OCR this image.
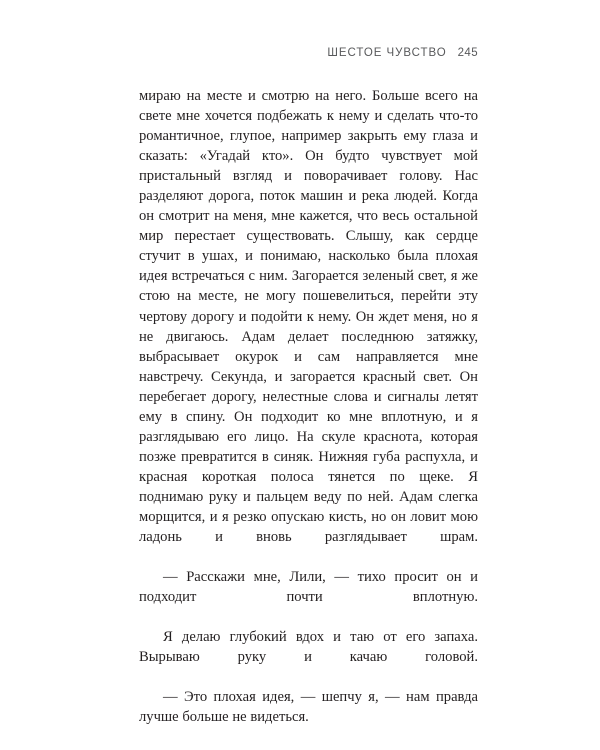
ШЕСТОЕ ЧУВСТВО 245

мираю на месте и смотрю на него. Больше всего на свете мне хочется подбежать к нему и сделать что-то романтичное, глупое, например закрыть ему глаза и сказать: «Угадай кто». Он будто чувствует мой пристальный взгляд и поворачивает голову. Нас разделяют дорога, поток машин и река людей. Когда он смотрит на меня, мне кажется, что весь остальной мир перестает существовать. Слышу, как сердце стучит в ушах, и понимаю, насколько была плохая идея встречаться с ним. Загорается зеленый свет, я же стою на месте, не могу пошевелиться, перейти эту чертову дорогу и подойти к нему. Он ждет меня, но я не двигаюсь. Адам делает последнюю затяжку, выбрасывает окурок и сам направляется мне навстречу. Секунда, и загорается красный свет. Он перебегает дорогу, нелестные слова и сигналы летят ему в спину. Он подходит ко мне вплотную, и я разглядываю его лицо. На скуле краснота, которая позже превратится в синяк. Нижняя губа распухла, и красная короткая полоса тянется по щеке. Я поднимаю руку и пальцем веду по ней. Адам слегка морщится, и я резко опускаю кисть, но он ловит мою ладонь и вновь разглядывает шрам.

— Расскажи мне, Лили, — тихо просит он и подходит почти вплотную.

Я делаю глубокий вдох и таю от его запаха. Вырываю руку и качаю головой.

— Это плохая идея, — шепчу я, — нам правда лучше больше не видеться.
